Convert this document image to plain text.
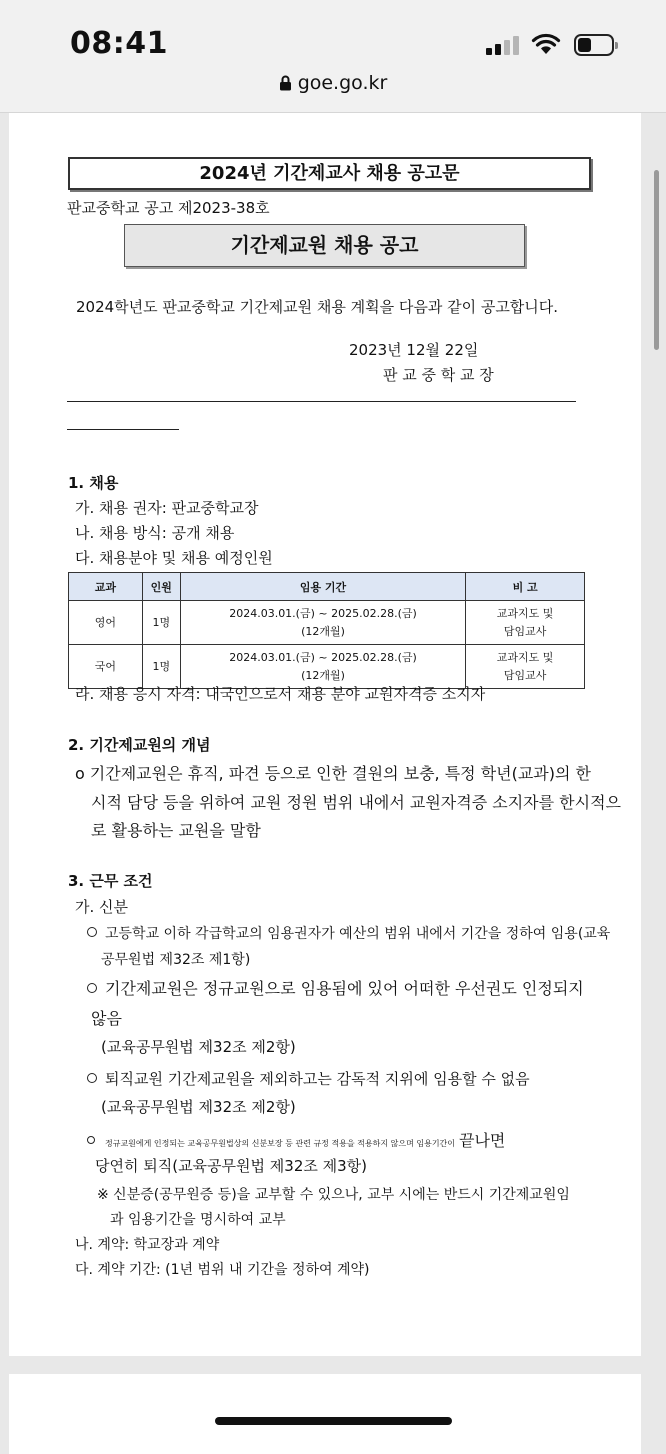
08:41
goe.go.kr
2024년 기간제교사 채용 공고문
판교중학교 공고 제2023-38호
기간제교원 채용 공고
2024학년도 판교중학교 기간제교원 채용 계획을 다음과 같이 공고합니다.
2023년 12월 22일
판 교 중 학 교 장
1. 채용
가. 채용 권자: 판교중학교장
나. 채용 방식: 공개 채용
다. 채용분야 및 채용 예정인원
교과	인원	임용 기간	비 고
영어	1명	2024.03.01.(금) ~ 2025.02.28.(금)
(12개월)	교과지도 및
담임교사
국어	1명	2024.03.01.(금) ~ 2025.02.28.(금)
(12개월)	교과지도 및
담임교사
라. 채용 응시 자격: 내국인으로서 채용 분야 교원자격증 소지자
2. 기간제교원의 개념
o 기간제교원은 휴직, 파견 등으로 인한 결원의 보충, 특정 학년(교과)의 한
시적 담당 등을 위하여 교원 정원 범위 내에서 교원자격증 소지자를 한시적으
로 활용하는 교원을 말함
3. 근무 조건
가. 신분
고등학교 이하 각급학교의 임용권자가 예산의 범위 내에서 기간을 정하여 임용(교육
공무원법 제32조 제1항)
기간제교원은 정규교원으로 임용됨에 있어 어떠한 우선권도 인정되지
않음
(교육공무원법 제32조 제2항)
퇴직교원 기간제교원을 제외하고는 감독적 지위에 임용할 수 없음
(교육공무원법 제32조 제2항)
정규교원에게 인정되는 교육공무원법상의 신분보장 등 관련 규정 적용을 적용하지 않으며 임용기간이 끝나면
당연히 퇴직(교육공무원법 제32조 제3항)
※ 신분증(공무원증 등)을 교부할 수 있으나, 교부 시에는 반드시 기간제교원임
과 임용기간을 명시하여 교부
나. 계약: 학교장과 계약
다. 계약 기간: (1년 범위 내 기간을 정하여 계약)
